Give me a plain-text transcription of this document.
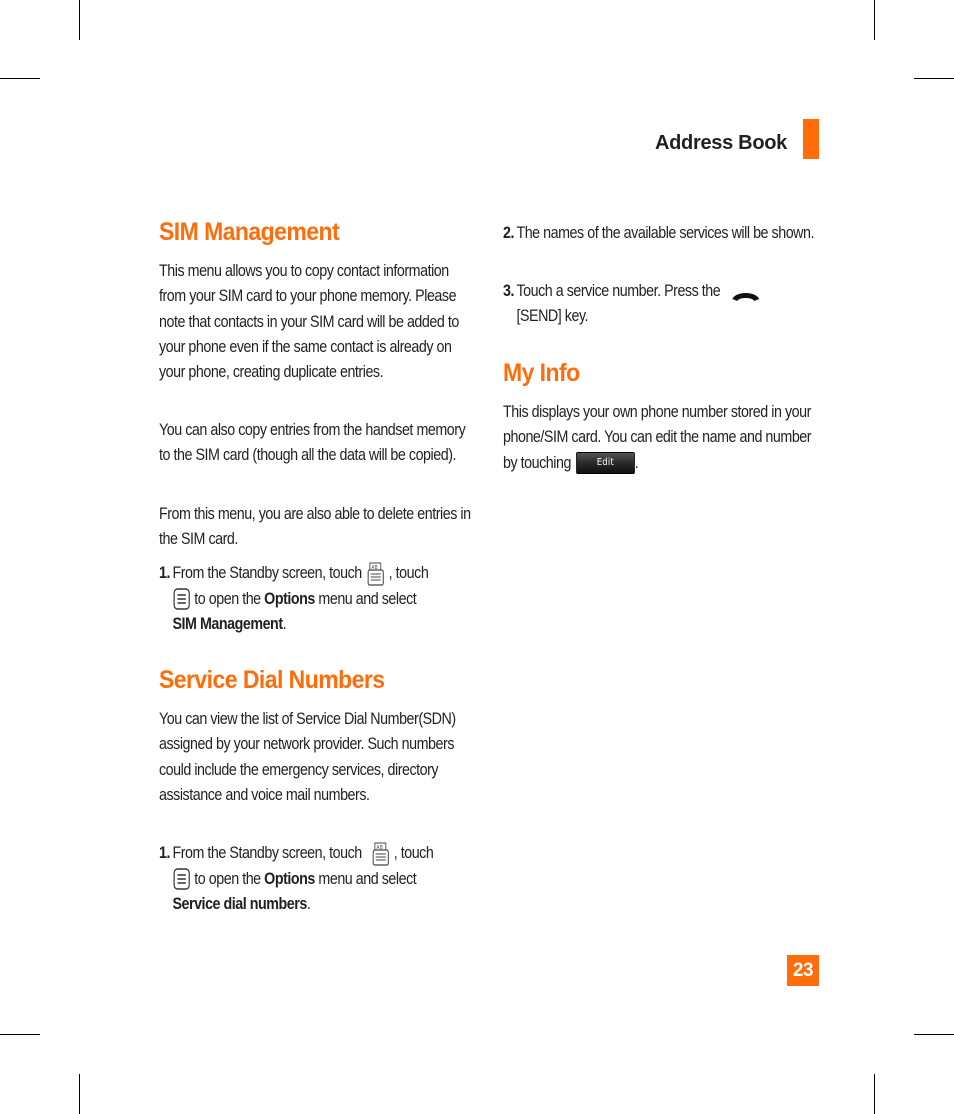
Address Book
SIM Management

This menu allows you to copy contact information from your SIM card to your phone memory. Please note that contacts in your SIM card will be added to your phone even if the same contact is already on your phone, creating duplicate entries.

You can also copy entries from the handset memory to the SIM card (though all the data will be copied).

From this menu, you are also able to delete entries in the SIM card.

1. From the Standby screen, touch A B , touch
to open the Options menu and select
SIM Management.
Service Dial Numbers

You can view the list of Service Dial Number(SDN) assigned by your network provider. Such numbers could include the emergency services, directory assistance and voice mail numbers.

1. From the Standby screen, touch	A B , touch
to open the Options menu and select
Service dial numbers.
2. The names of the available services will be shown.
3. Touch a service number. Press the
[SEND] key.
My Info
This displays your own phone number stored in your phone/SIM card. You can edit the name and number by touching	Edit .
23
